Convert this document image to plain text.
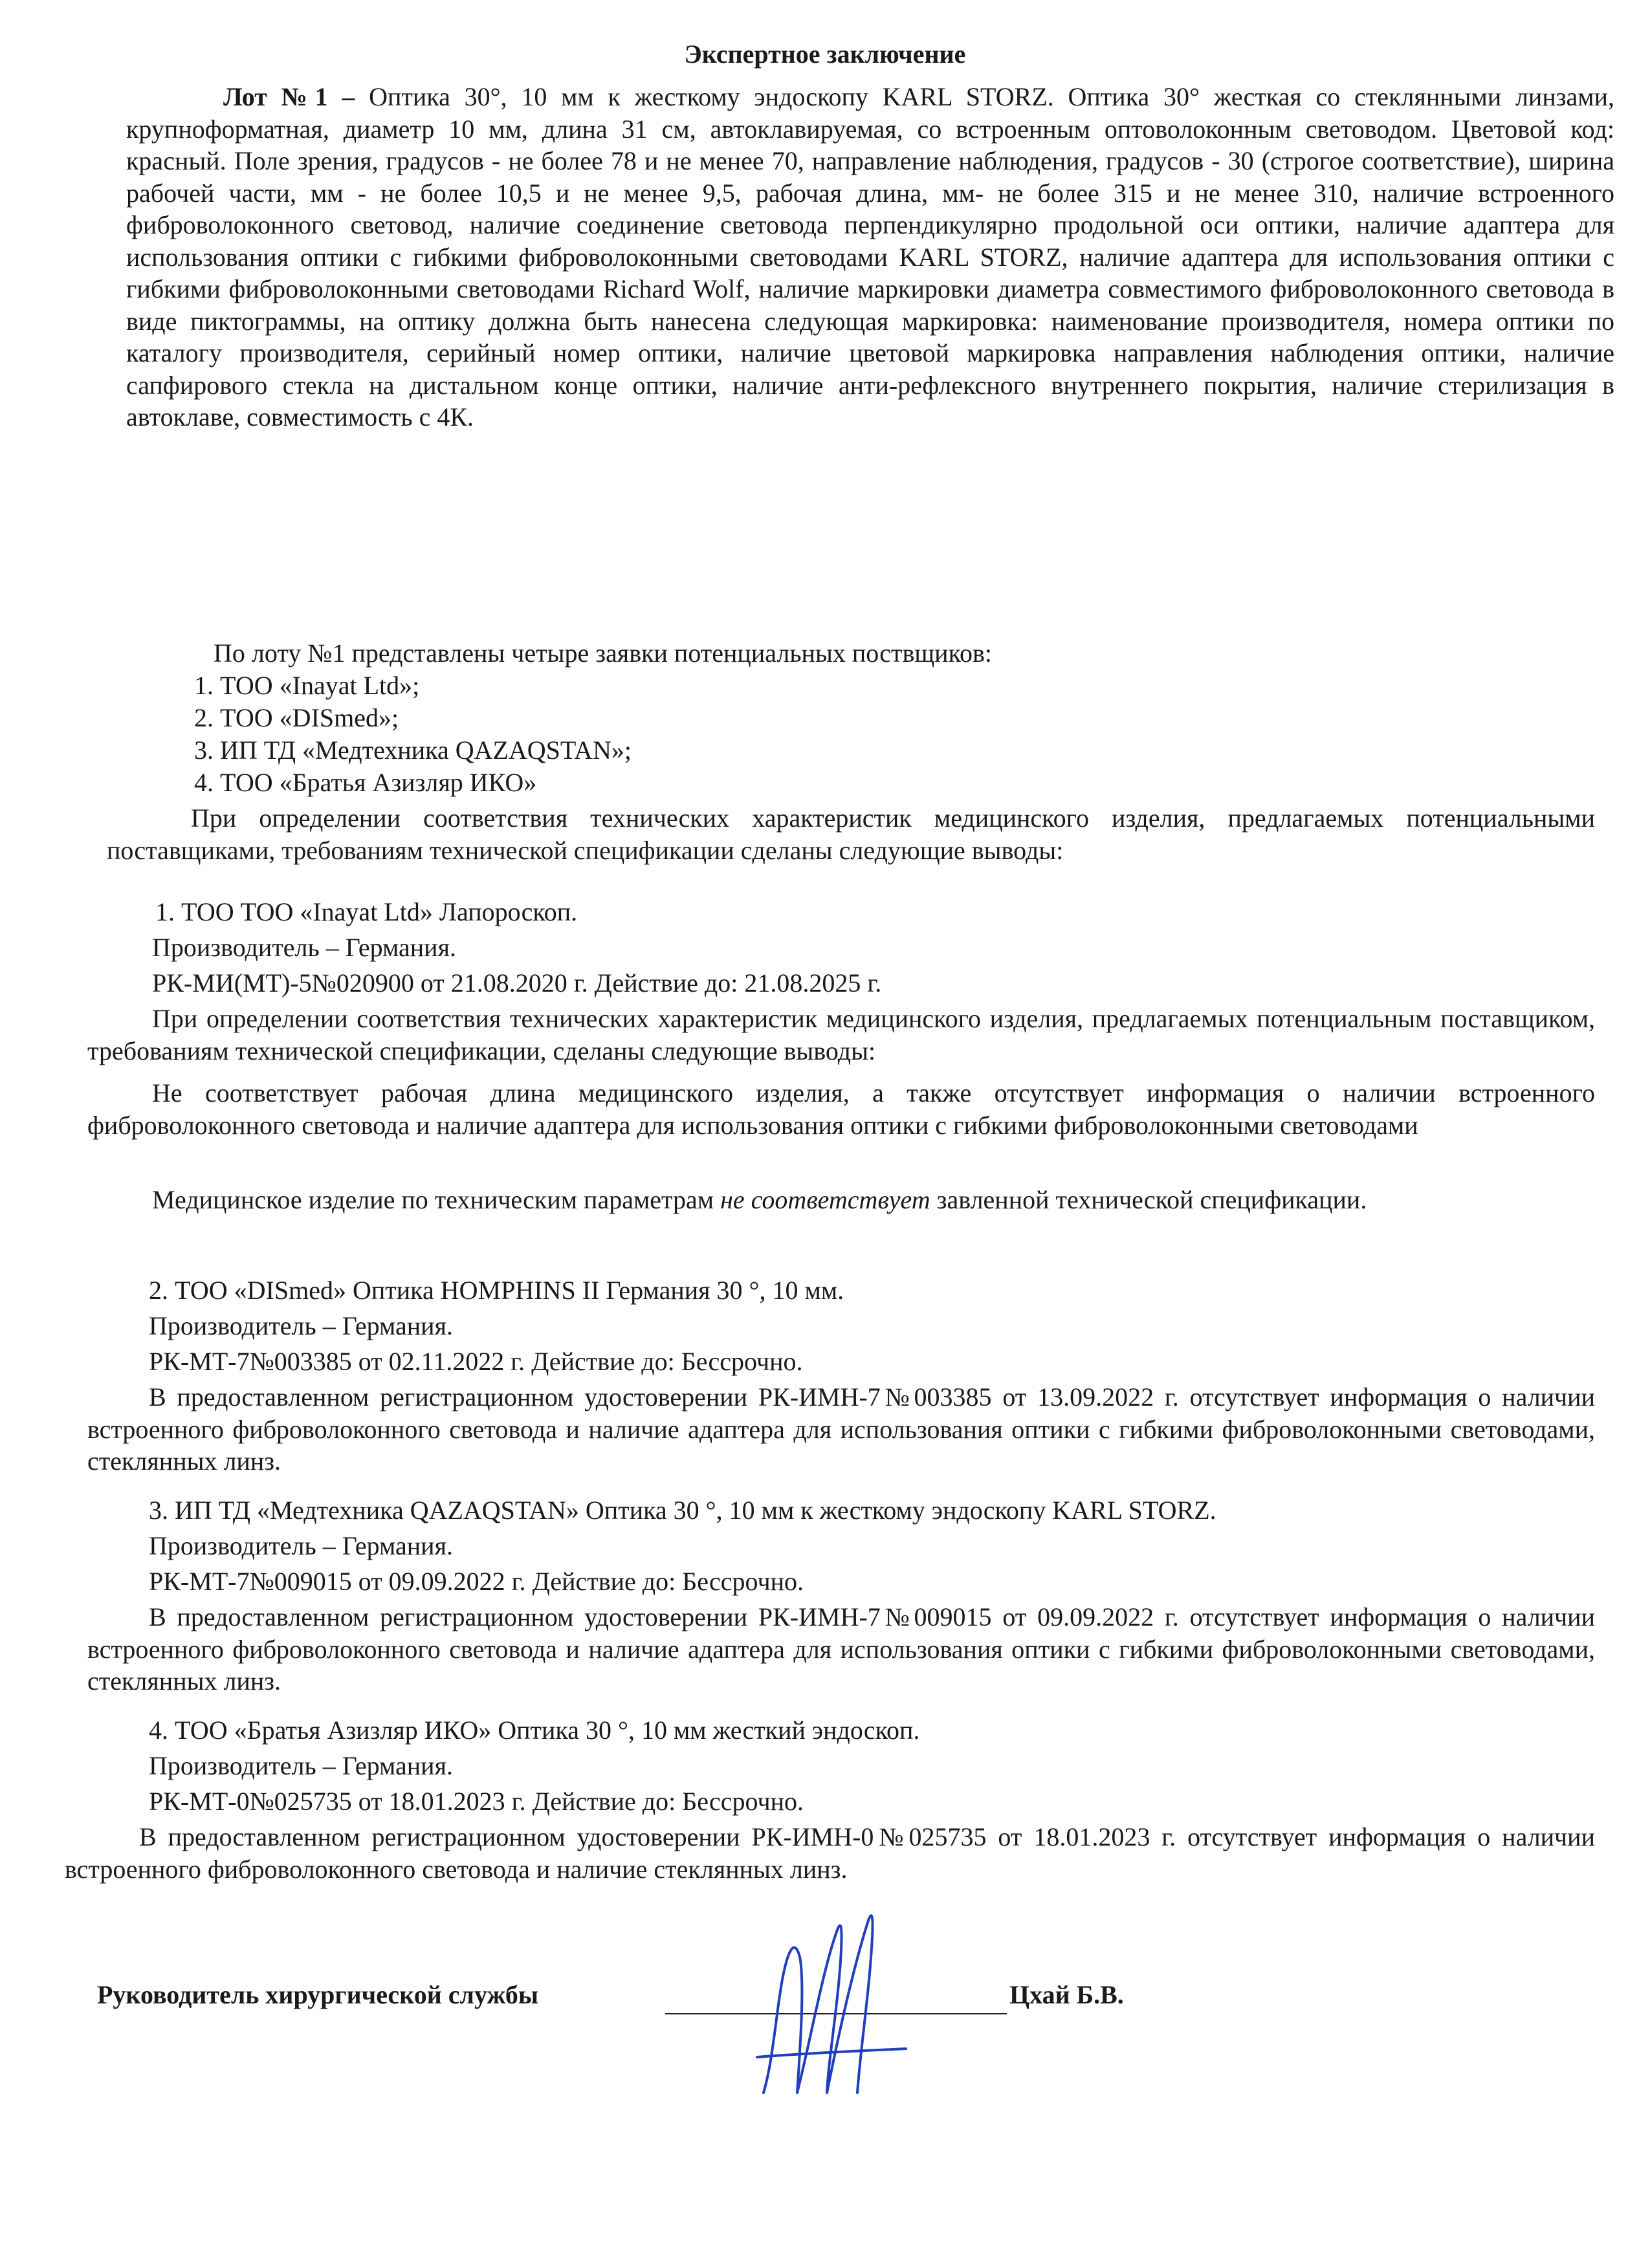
Экспертное заключение
Лот №1 – Оптика 30°, 10 мм к жесткому эндоскопу KARL STORZ. Оптика 30° жесткая со стеклянными линзами, крупноформатная, диаметр 10 мм, длина 31 см, автоклавируемая, со встроенным оптоволоконным световодом. Цветовой код: красный. Поле зрения, градусов - не более 78 и не менее 70, направление наблюдения, градусов - 30 (строгое соответствие), ширина рабочей части, мм - не более 10,5 и не менее 9,5, рабочая длина, мм- не более 315 и не менее 310, наличие встроенного фиброволоконного световод, наличие соединение световода перпендикулярно продольной оси оптики, наличие адаптера для использования оптики с гибкими фиброволоконными световодами KARL STORZ, наличие адаптера для использования оптики с гибкими фиброволоконными световодами Richard Wolf, наличие маркировки диаметра совместимого фиброволоконного световода в виде пиктограммы, на оптику должна быть нанесена следующая маркировка: наименование производителя, номера оптики по каталогу производителя, серийный номер оптики, наличие цветовой маркировка направления наблюдения оптики, наличие сапфирового стекла на дистальном конце оптики, наличие анти-рефлексного внутреннего покрытия, наличие стерилизация в автоклаве, совместимость с 4К.
По лоту №1 представлены четыре заявки потенциальных поствщиков:
1. ТОО «Inayat Ltd»;
2. ТОО «DISmed»;
3. ИП ТД «Медтехника QAZAQSTAN»;
4. ТОО «Братья Азизляр ИКО»
При определении соответствия технических характеристик медицинского изделия, предлагаемых потенциальными поставщиками, требованиям технической спецификации сделаны следующие выводы:
1. ТОО ТОО «Inayat Ltd» Лапороскоп.
Производитель – Германия.
РК-МИ(МТ)-5№020900 от 21.08.2020 г. Действие до: 21.08.2025 г.
При определении соответствия технических характеристик медицинского изделия, предлагаемых потенциальным поставщиком, требованиям технической спецификации, сделаны следующие выводы:
Не соответствует рабочая длина медицинского изделия, а также отсутствует информация о наличии встроенного фиброволоконного световода и наличие адаптера для использования оптики с гибкими фиброволоконными световодами
Медицинское изделие по техническим параметрам не соответствует завленной технической спецификации.
2. ТОО «DISmed» Оптика HOMPHINS II Германия 30 °, 10 мм.
Производитель – Германия.
РК-МТ-7№003385 от 02.11.2022 г. Действие до: Бессрочно.
В предоставленном регистрационном удостоверении РК-ИМН-7№003385 от 13.09.2022 г. отсутствует информация о наличии встроенного фиброволоконного световода и наличие адаптера для использования оптики с гибкими фиброволоконными световодами, стеклянных линз.
3. ИП ТД «Медтехника QAZAQSTAN» Оптика 30 °, 10 мм к жесткому эндоскопу KARL STORZ.
Производитель – Германия.
РК-МТ-7№009015 от 09.09.2022 г. Действие до: Бессрочно.
В предоставленном регистрационном удостоверении РК-ИМН-7№009015 от 09.09.2022 г. отсутствует информация о наличии встроенного фиброволоконного световода и наличие адаптера для использования оптики с гибкими фиброволоконными световодами, стеклянных линз.
4. ТОО «Братья Азизляр ИКО» Оптика 30 °, 10 мм жесткий эндоскоп.
Производитель – Германия.
РК-МТ-0№025735 от 18.01.2023 г. Действие до: Бессрочно.
В предоставленном регистрационном удостоверении РК-ИМН-0№025735 от 18.01.2023 г. отсутствует информация о наличии встроенного фиброволоконного световода и наличие стеклянных линз.
Руководитель хирургической службы	Цхай Б.В.
